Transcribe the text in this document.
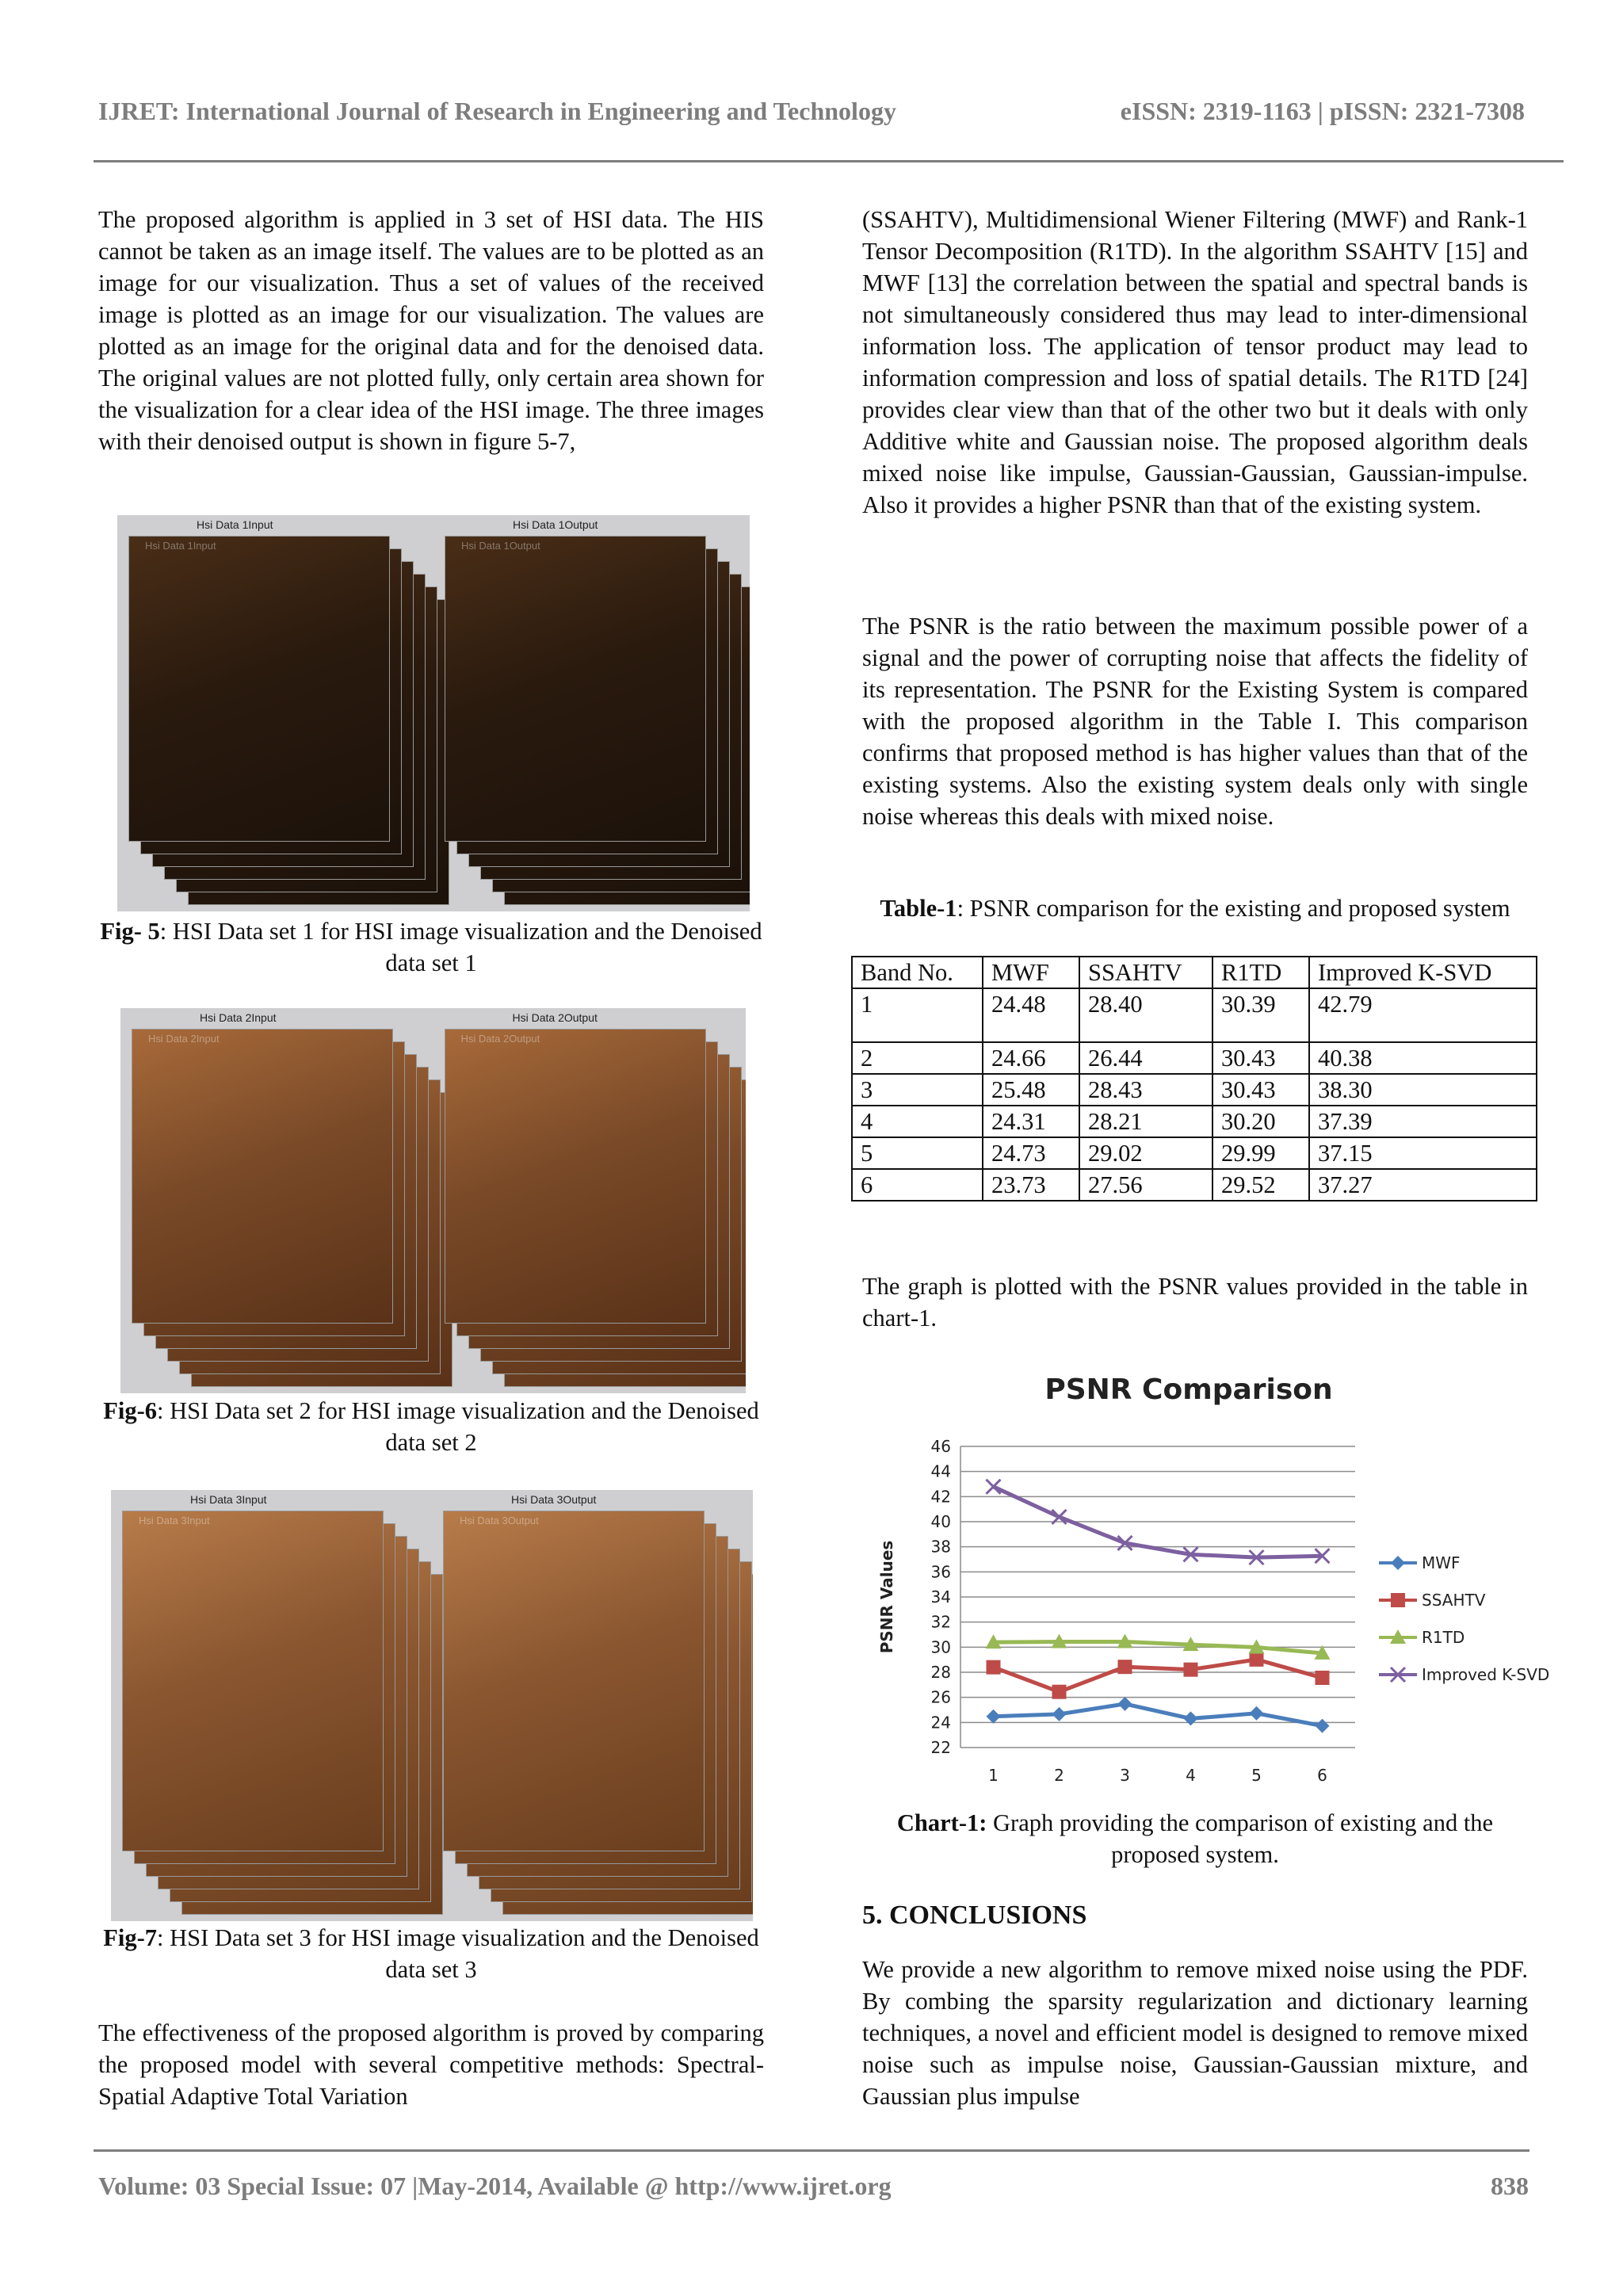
IJRET: International Journal of Research in Engineering and Technology	eISSN: 2319-1163 | pISSN: 2321-7308

The proposed algorithm is applied in 3 set of HSI data. The HIS cannot be taken as an image itself. The values are to be plotted as an image for our visualization. Thus a set of values of the received image is plotted as an image for our visualization. The values are plotted as an image for the original data and for the denoised data. The original values are not plotted fully, only certain area shown for the visualization for a clear idea of the HSI image. The three images with their denoised output is shown in figure 5-7,

Hsi Data 1Input
Hsi Data 1Input
Hsi Data 1Output
Hsi Data 1Output
Fig- 5: HSI Data set 1 for HSI image visualization and the Denoised data set 1
Hsi Data 2Input
Hsi Data 2Input
Hsi Data 2Output
Hsi Data 2Output
Fig-6: HSI Data set 2 for HSI image visualization and the Denoised data set 2
Hsi Data 3Input
Hsi Data 3Input
Hsi Data 3Output
Hsi Data 3Output
Fig-7: HSI Data set 3 for HSI image visualization and the Denoised data set 3

The effectiveness of the proposed algorithm is proved by comparing the proposed model with several competitive methods: Spectral-Spatial Adaptive Total Variation

(SSAHTV), Multidimensional Wiener Filtering (MWF) and Rank-1 Tensor Decomposition (R1TD). In the algorithm SSAHTV [15] and MWF [13] the correlation between the spatial and spectral bands is not simultaneously considered thus may lead to inter-dimensional information loss. The application of tensor product may lead to information compression and loss of spatial details. The R1TD [24] provides clear view than that of the other two but it deals with only Additive white and Gaussian noise. The proposed algorithm deals mixed noise like impulse, Gaussian-Gaussian, Gaussian-impulse. Also it provides a higher PSNR than that of the existing system.

The PSNR is the ratio between the maximum possible power of a signal and the power of corrupting noise that affects the fidelity of its representation. The PSNR for the Existing System is compared with the proposed algorithm in the Table I. This comparison confirms that proposed method is has higher values than that of the existing systems. Also the existing system deals only with single noise whereas this deals with mixed noise.

Table-1: PSNR comparison for the existing and proposed system
Band No.	MWF	SSAHTV	R1TD	Improved K-SVD
1	24.48	28.40	30.39	42.79
2	24.66	26.44	30.43	40.38
3	25.48	28.43	30.43	38.30
4	24.31	28.21	30.20	37.39
5	24.73	29.02	29.99	37.15
6	23.73	27.56	29.52	37.27

The graph is plotted with the PSNR values provided in the table in chart-1.

PSNR Comparison
22
24
26
28
30
32
34
36
38
40
42
44
46
1	2	3	4	5	6
PSNR Values	MWF
SSAHTV
R1TD
Improved K-SVD
Chart-1: Graph providing the comparison of existing and the proposed system.
5. CONCLUSIONS

We provide a new algorithm to remove mixed noise using the PDF. By combing the sparsity regularization and dictionary learning techniques, a novel and efficient model is designed to remove mixed noise such as impulse noise, Gaussian-Gaussian mixture, and Gaussian plus impulse

Volume: 03 Special Issue: 07 |May-2014, Available @ http://www.ijret.org	838
